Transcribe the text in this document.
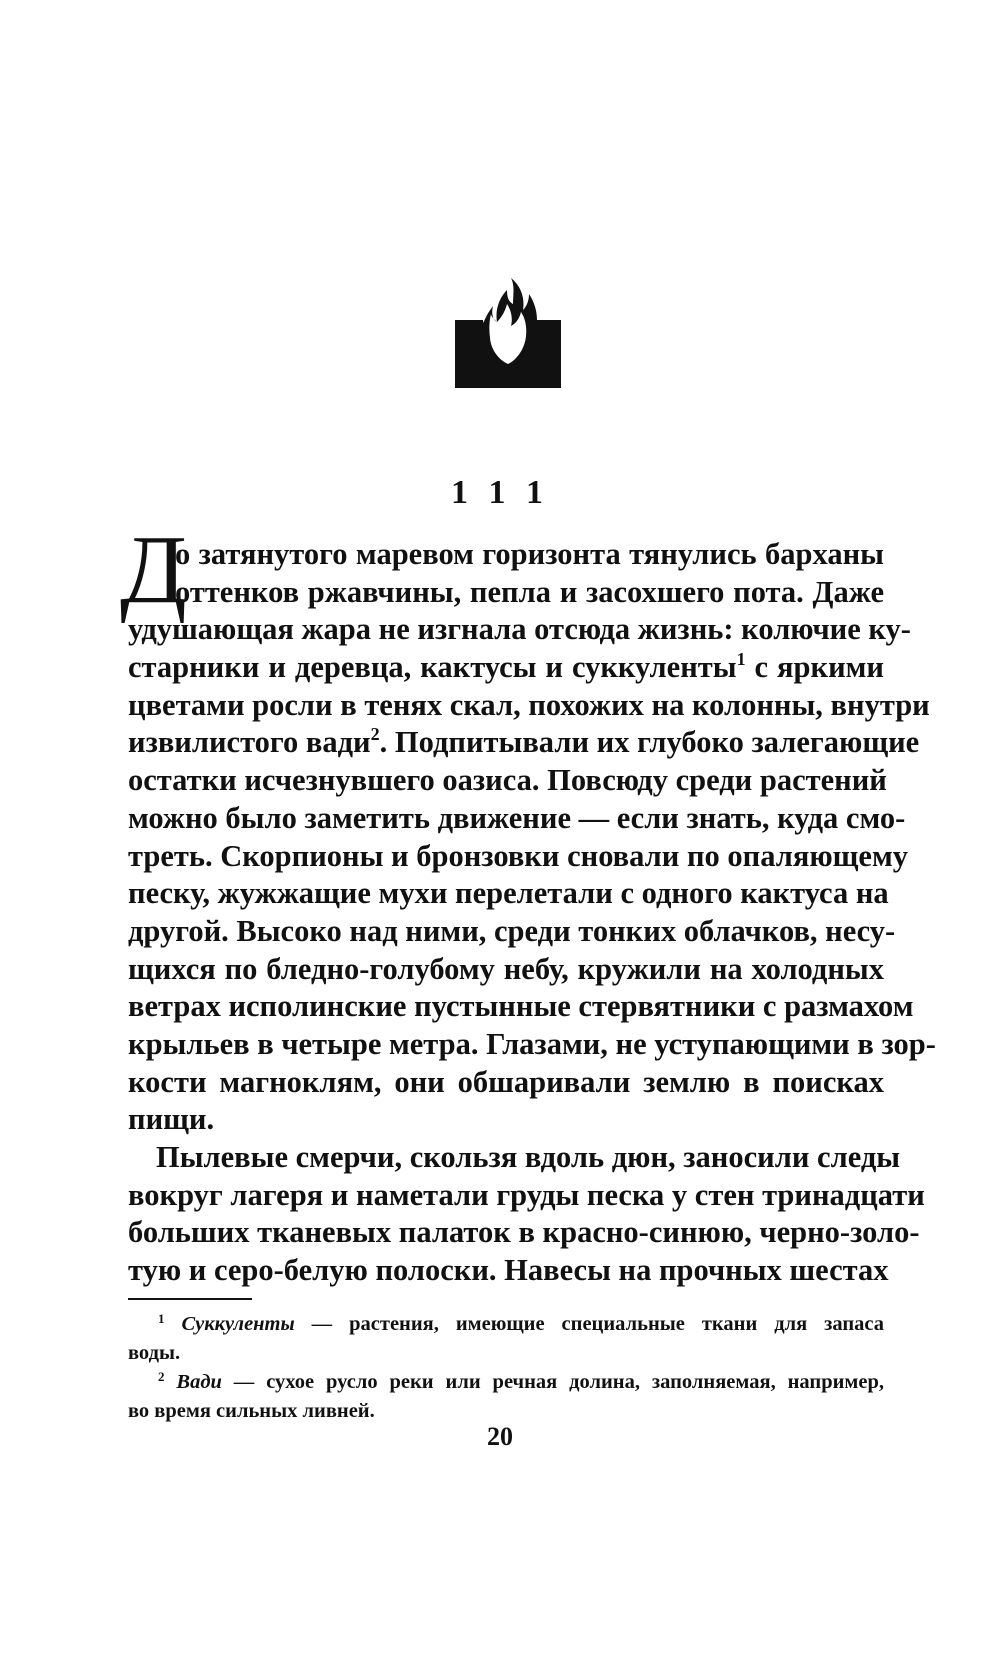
1 1 1
Д
о затянутого маревом горизонта тянулись барханы
оттенков ржавчины, пепла и засохшего пота. Даже
удушающая жара не изгнала отсюда жизнь: колючие ку-
старники и деревца, кактусы и суккуленты$^1$ с яркими
цветами росли в тенях скал, похожих на колонны, внутри
извилистого вади$^2$. Подпитывали их глубоко залегающие
остатки исчезнувшего оазиса. Повсюду среди растений
можно было заметить движение — если знать, куда смо-
треть. Скорпионы и бронзовки сновали по опаляющему
песку, жужжащие мухи перелетали с одного кактуса на
другой. Высоко над ними, среди тонких облачков, несу-
щихся по бледно-голубому небу, кружили на холодных
ветрах исполинские пустынные стервятники с размахом
крыльев в четыре метра. Глазами, не уступающими в зор-
кости магноклям, они обшаривали землю в поисках
пищи.
Пылевые смерчи, скользя вдоль дюн, заносили следы
вокруг лагеря и наметали груды песка у стен тринадцати
больших тканевых палаток в красно-синюю, черно-золо-
тую и серо-белую полоски. Навесы на прочных шестах
$^1$ Суккуленты — растения, имеющие специальные ткани для запаса
воды.
$^2$ Вади — сухое русло реки или речная долина, заполняемая, например,
во время сильных ливней.
20
